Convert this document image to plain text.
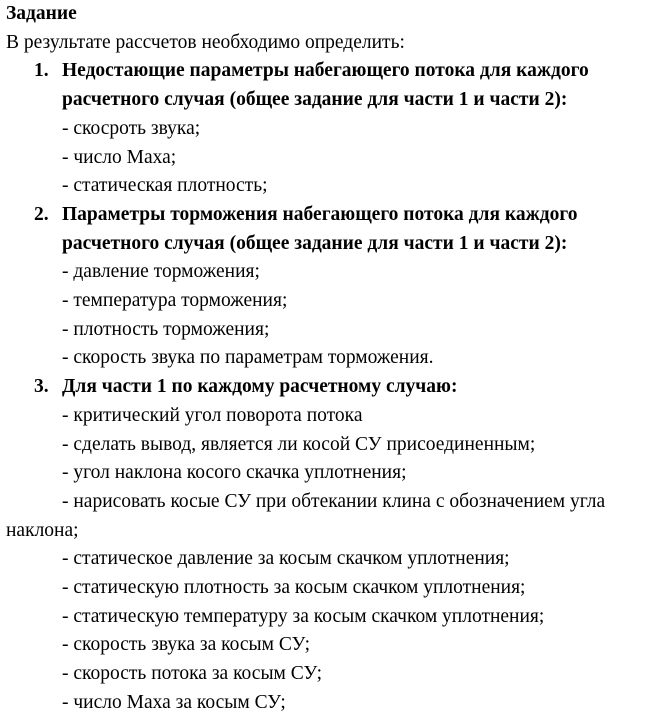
Задание
В результате рассчетов необходимо определить:
1. Недостающие параметры набегающего потока для каждого расчетного случая (общее задание для части 1 и части 2):
- скосроть звука;
- число Маха;
- статическая плотность;
2. Параметры торможения набегающего потока для каждого расчетного случая (общее задание для части 1 и части 2):
- давление торможения;
- температура торможения;
- плотность торможения;
- скорость звука по параметрам торможения.
3. Для части 1 по каждому расчетному случаю:
- критический угол поворота потока
- сделать вывод, является ли косой СУ присоединенным;
- угол наклона косого скачка уплотнения;
- нарисовать косые СУ при обтекании клина с обозначением угла наклона;
- статическое давление за косым скачком уплотнения;
- статическую плотность за косым скачком уплотнения;
- статическую температуру за косым скачком уплотнения;
- скорость звука за косым СУ;
- скорость потока за косым СУ;
- число Маха за косым СУ;
